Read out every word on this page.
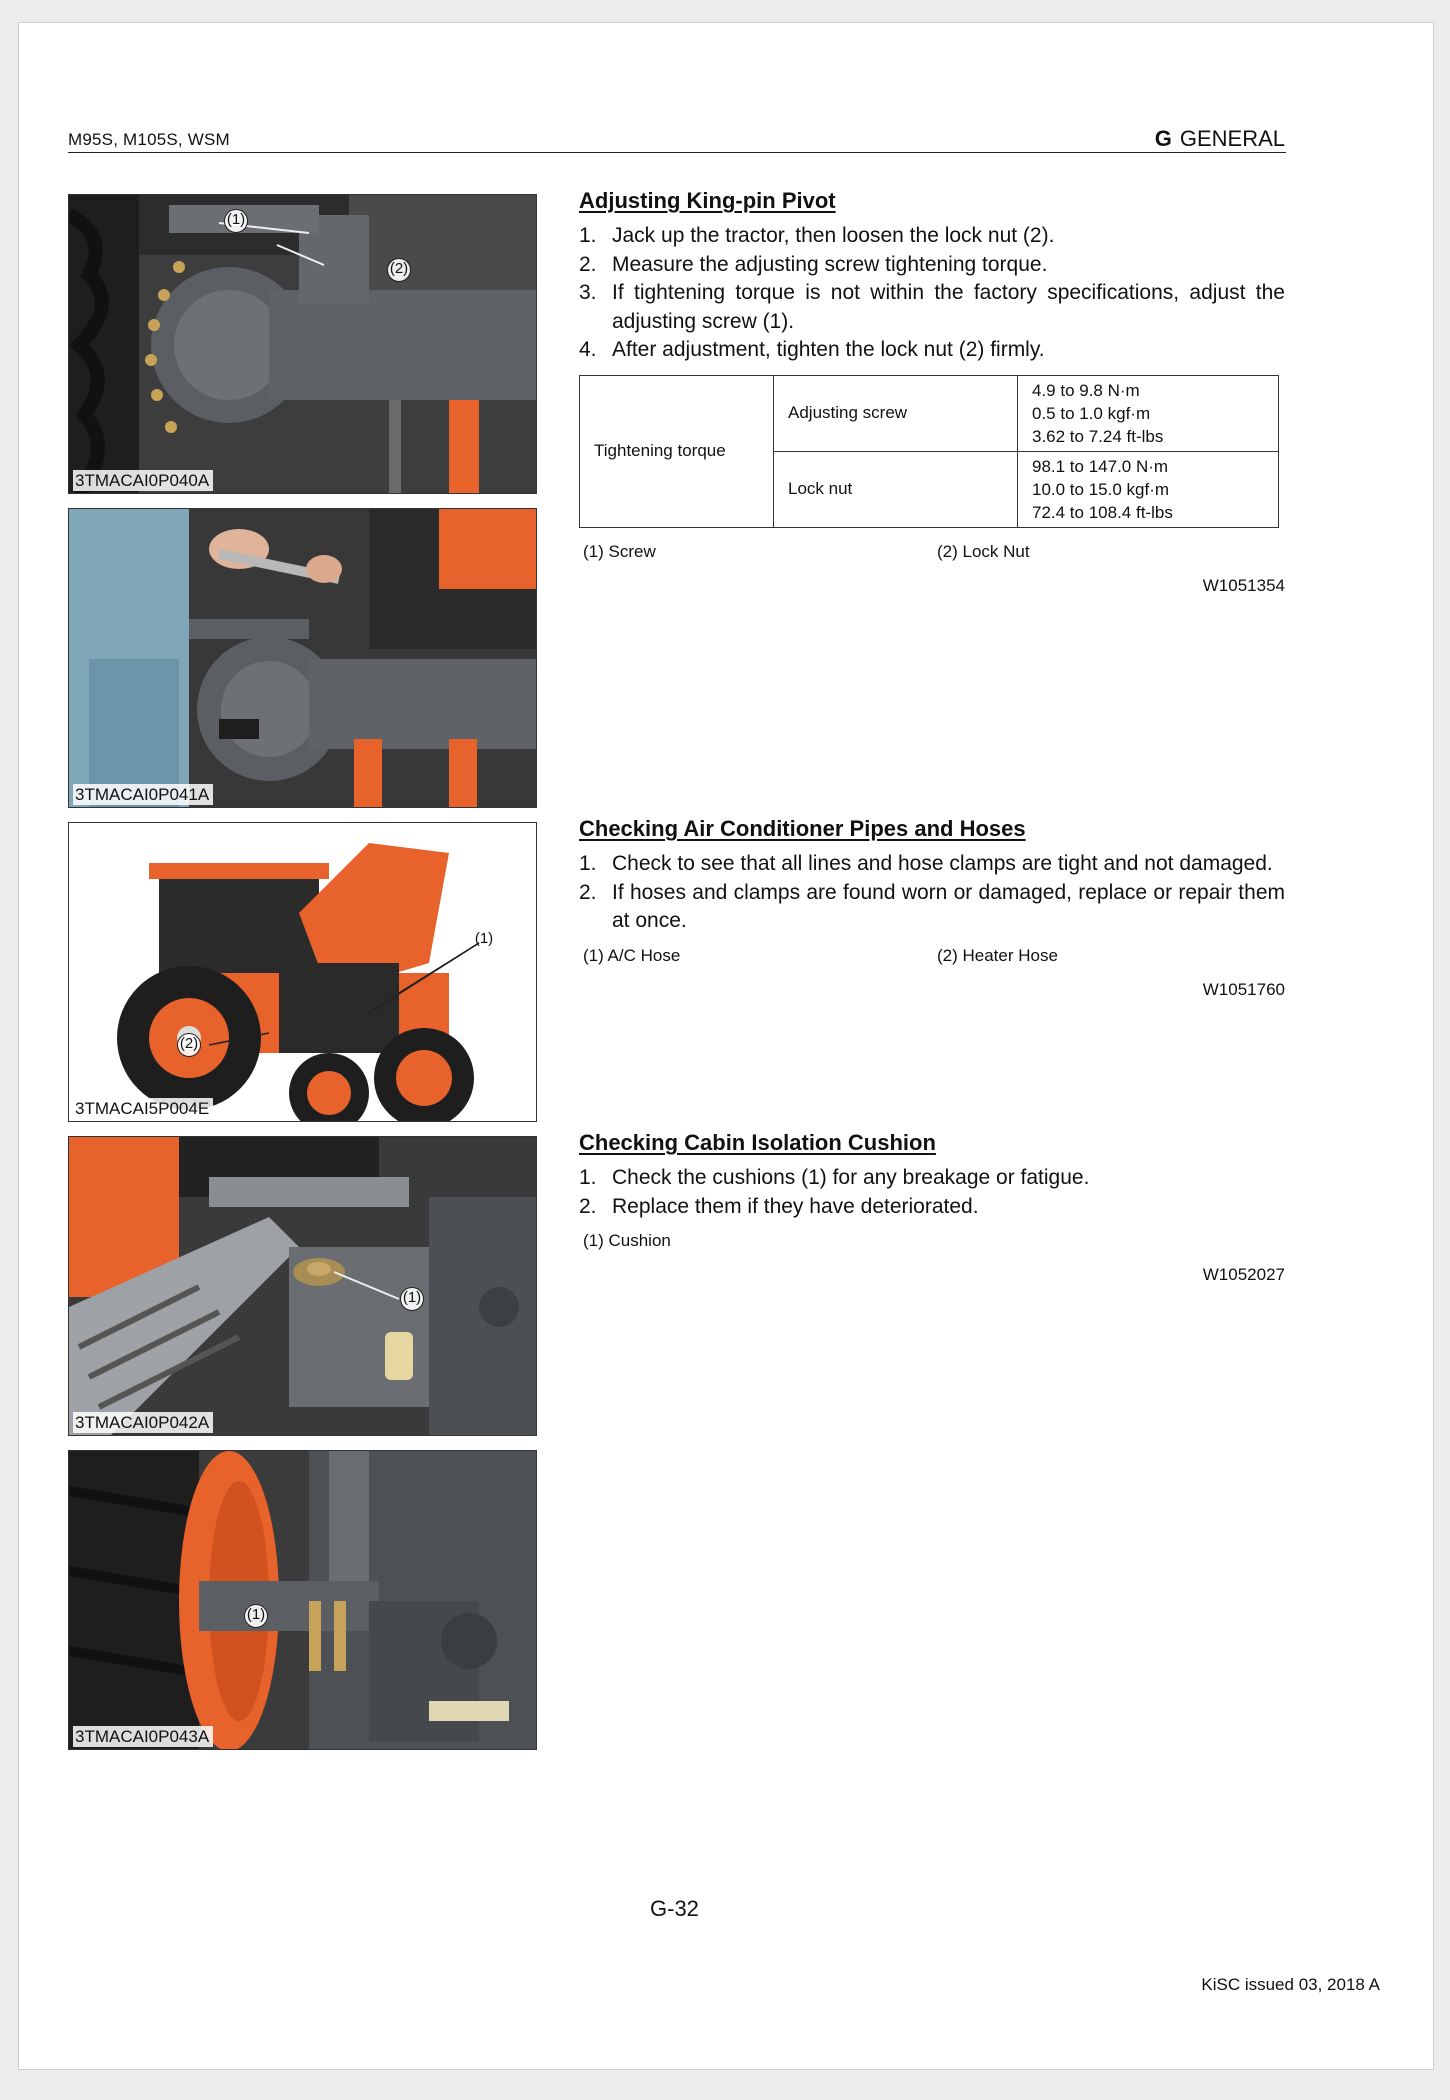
M95S, M105S, WSM	G GENERAL
(1)
(2)
3TMACAI0P040A
3TMACAI0P041A
(1)
(2)
3TMACAI5P004E
(1)
3TMACAI0P042A
(1)
3TMACAI0P043A
Adjusting King-pin Pivot
1. Jack up the tractor, then loosen the lock nut (2).
2. Measure the adjusting screw tightening torque.
3. If tightening torque is not within the factory specifications, adjust the adjusting screw (1).
4. After adjustment, tighten the lock nut (2) firmly.
Tightening torque	Adjusting screw	4.9 to 9.8 N·m
0.5 to 1.0 kgf·m
3.62 to 7.24 ft-lbs

	Lock nut	98.1 to 147.0 N·m
10.0 to 15.0 kgf·m
72.4 to 108.4 ft-lbs
(1) Screw	(2) Lock Nut
W1051354
Checking Air Conditioner Pipes and Hoses
1. Check to see that all lines and hose clamps are tight and not damaged.
2. If hoses and clamps are found worn or damaged, replace or repair them at once.
(1) A/C Hose	(2) Heater Hose
W1051760
Checking Cabin Isolation Cushion
1. Check the cushions (1) for any breakage or fatigue.
2. Replace them if they have deteriorated.
(1) Cushion
W1052027
G-32
KiSC issued 03, 2018 A
